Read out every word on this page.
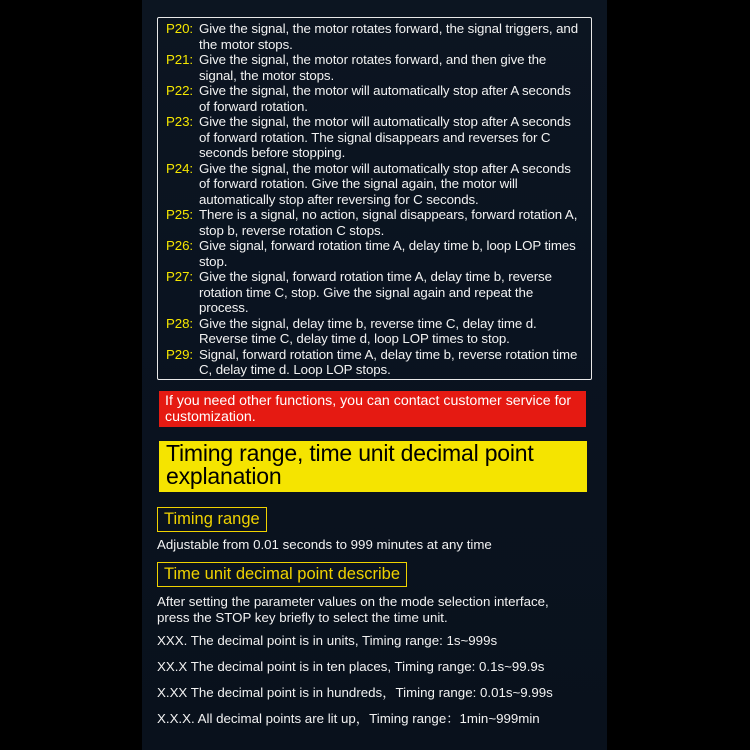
P20: Give the signal, the motor rotates forward, the signal triggers, and the motor stops.
P21: Give the signal, the motor rotates forward, and then give the signal, the motor stops.
P22: Give the signal, the motor will automatically stop after A seconds of forward rotation.
P23: Give the signal, the motor will automatically stop after A seconds of forward rotation. The signal disappears and reverses for C seconds before stopping.
P24: Give the signal, the motor will automatically stop after A seconds of forward rotation. Give the signal again, the motor will automatically stop after reversing for C seconds.
P25: There is a signal, no action, signal disappears, forward rotation A, stop b, reverse rotation C stops.
P26: Give signal, forward rotation time A, delay time b, loop LOP times stop.
P27: Give the signal, forward rotation time A, delay time b, reverse rotation time C, stop. Give the signal again and repeat the process.
P28: Give the signal, delay time b, reverse time C, delay time d. Reverse time C, delay time d, loop LOP times to stop.
P29: Signal, forward rotation time A, delay time b, reverse rotation time C, delay time d. Loop LOP stops.
If you need other functions, you can contact customer service for customization.
Timing range, time unit decimal point explanation
Timing range
Adjustable from 0.01 seconds to 999 minutes at any time
Time unit decimal point describe
After setting the parameter values on the mode selection interface,
press the STOP key briefly to select the time unit.
XXX. The decimal point is in units, Timing range: 1s~999s
XX.X The decimal point is in ten places, Timing range: 0.1s~99.9s
X.XX The decimal point is in hundreds，Timing range: 0.01s~9.99s
X.X.X. All decimal points are lit up，Timing range：1min~999min
